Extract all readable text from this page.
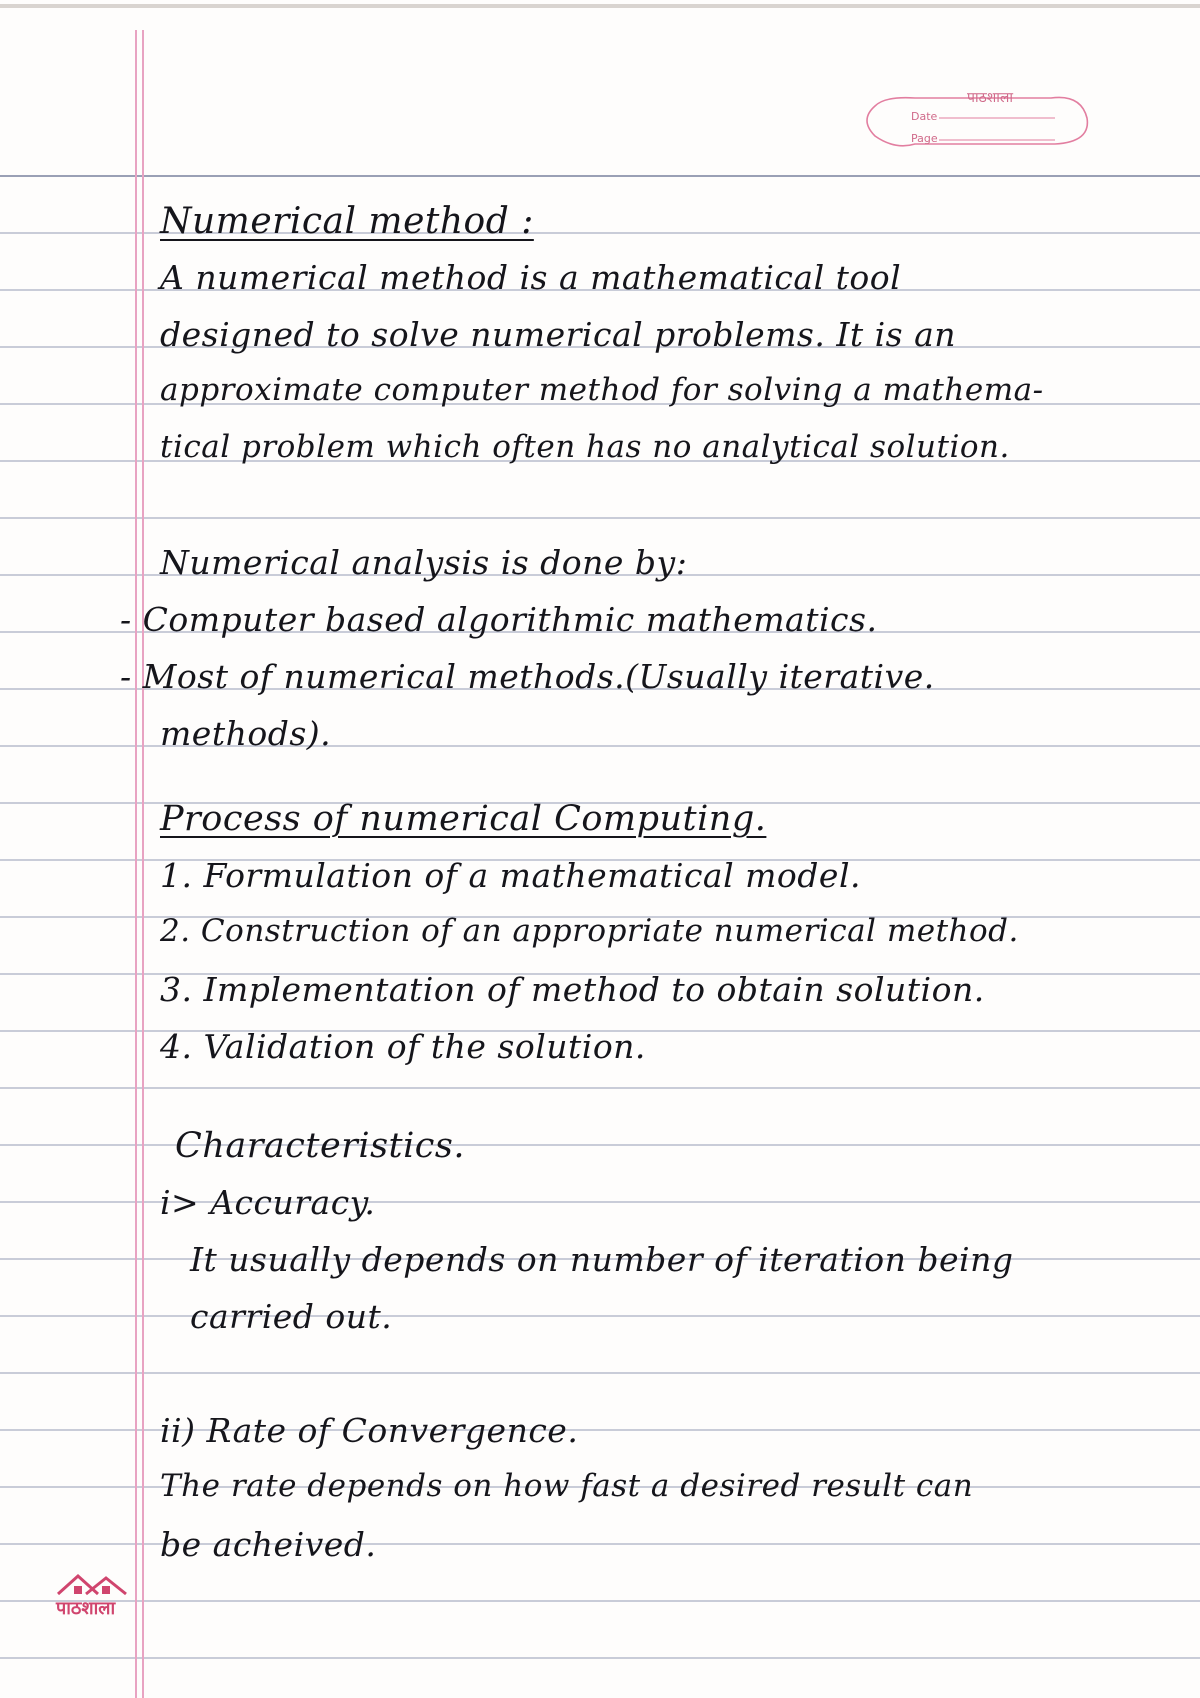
पाठशाला
Date
Page

Numerical method :

A numerical method is a mathematical tool

designed to solve numerical problems. It is an

approximate computer method for solving a mathema-

tical problem which often has no analytical solution.

Numerical analysis is done by:

- Computer based algorithmic mathematics.

- Most of numerical methods.(Usually iterative.

methods).

Process of numerical Computing.

1. Formulation of a mathematical model.

2. Construction of an appropriate numerical method.

3. Implementation of method to obtain solution.

4. Validation of the solution.

Characteristics.

i> Accuracy.

It usually depends on number of iteration being

carried out.

ii) Rate of Convergence.

The rate depends on how fast a desired result can

be acheived.

पाठशाला
